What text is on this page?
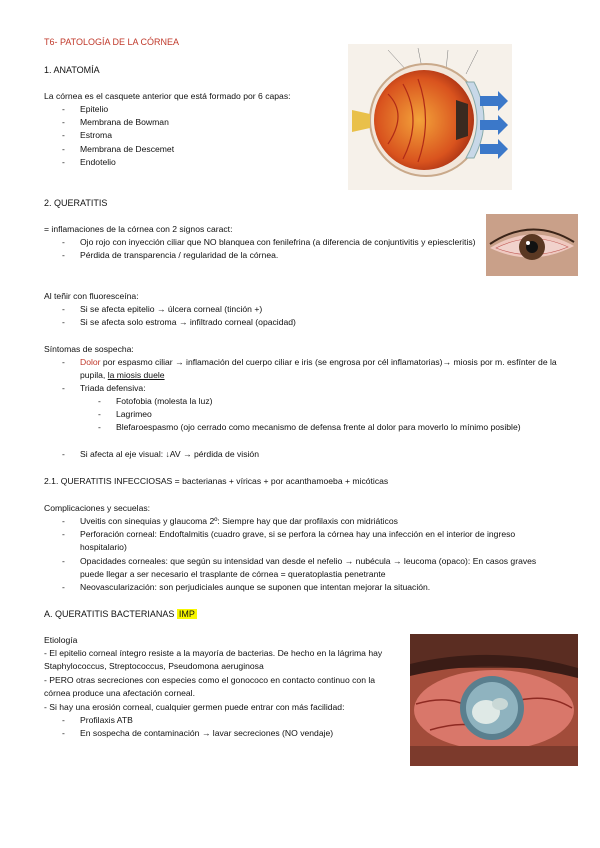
T6- PATOLOGÍA DE LA CÓRNEA
1. ANATOMÍA
La córnea es el casquete anterior que está formado por 6 capas:
- Epitelio
- Membrana de Bowman
- Estroma
- Membrana de Descemet
- Endotelio
2. QUERATITIS
= inflamaciones de la córnea con 2 signos caract:
- Ojo rojo con inyección ciliar que NO blanquea con fenilefrina (a diferencia de conjuntivitis y epiescleritis)
- Pérdida de transparencia / regularidad de la córnea.
Al teñir con fluoresceína:
- Si se afecta epitelio → úlcera corneal (tinción +)
- Si se afecta solo estroma → infiltrado corneal (opacidad)
Síntomas de sospecha:
- Dolor por espasmo ciliar → inflamación del cuerpo ciliar e iris (se engrosa por cél inflamatorias)→ miosis por m. esfínter de la pupila, la miosis duele
- Triada defensiva:
- Fotofobia (molesta la luz)
- Lagrimeo
- Blefaroespasmo (ojo cerrado como mecanismo de defensa frente al dolor para moverlo lo mínimo posible)
- Si afecta al eje visual: ↓AV → pérdida de visión
2.1. QUERATITIS INFECCIOSAS = bacterianas + víricas + por acanthamoeba + micóticas
Complicaciones y secuelas:
- Uveitis con sinequias y glaucoma 2º: Siempre hay que dar profilaxis con midriáticos
- Perforación corneal: Endoftalmitis (cuadro grave, si se perfora la córnea hay una infección en el interior de ingreso hospitalario)
- Opacidades corneales: que según su intensidad van desde el nefelio → nubécula → leucoma (opaco): En casos graves puede llegar a ser necesario el trasplante de córnea = queratoplastia penetrante
- Neovascularización: son perjudiciales aunque se suponen que intentan mejorar la situación.
A. QUERATITIS BACTERIANAS IMP
Etiología
- El epitelio corneal íntegro resiste a la mayoría de bacterias. De hecho en la lágrima hay Staphylococcus, Streptococcus, Pseudomona aeruginosa
- PERO otras secreciones con especies como el gonococo en contacto continuo con la córnea produce una afectación corneal.
- Si hay una erosión corneal, cualquier germen puede entrar con más facilidad:
- Profilaxis ATB
- En sospecha de contaminación → lavar secreciones (NO vendaje)
